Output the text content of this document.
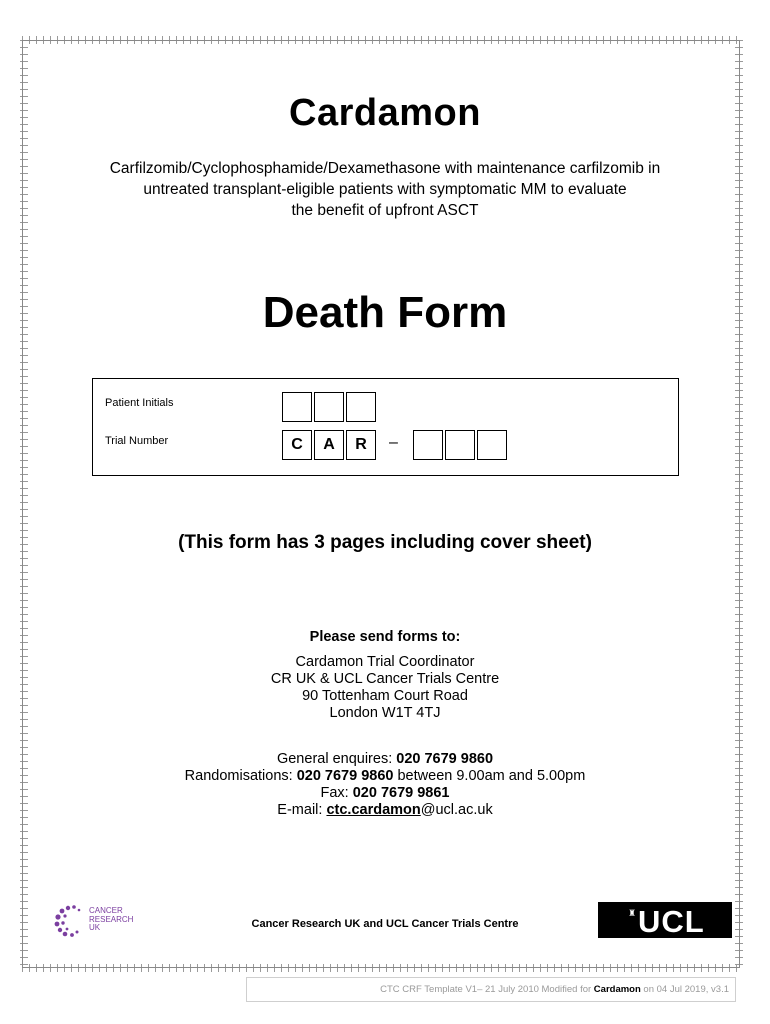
Cardamon
Carfilzomib/Cyclophosphamide/Dexamethasone with maintenance carfilzomib in
untreated transplant-eligible patients with symptomatic MM to evaluate
the benefit of upfront ASCT
Death Form
Patient Initials
Trial Number	C	A	R	–
(This form has 3 pages including cover sheet)
Please send forms to:
Cardamon Trial Coordinator
CR UK & UCL Cancer Trials Centre
90 Tottenham Court Road
London W1T 4TJ
General enquires: 020 7679 9860
Randomisations: 020 7679 9860 between 9.00am and 5.00pm
Fax: 020 7679 9861
E-mail: ctc.cardamon@ucl.ac.uk
CANCER
RESEARCH
UK	Cancer Research UK and UCL Cancer Trials Centre
♜ UCL
CTC CRF Template V1– 21 July 2010 Modified for Cardamon on 04 Jul 2019, v3.1
